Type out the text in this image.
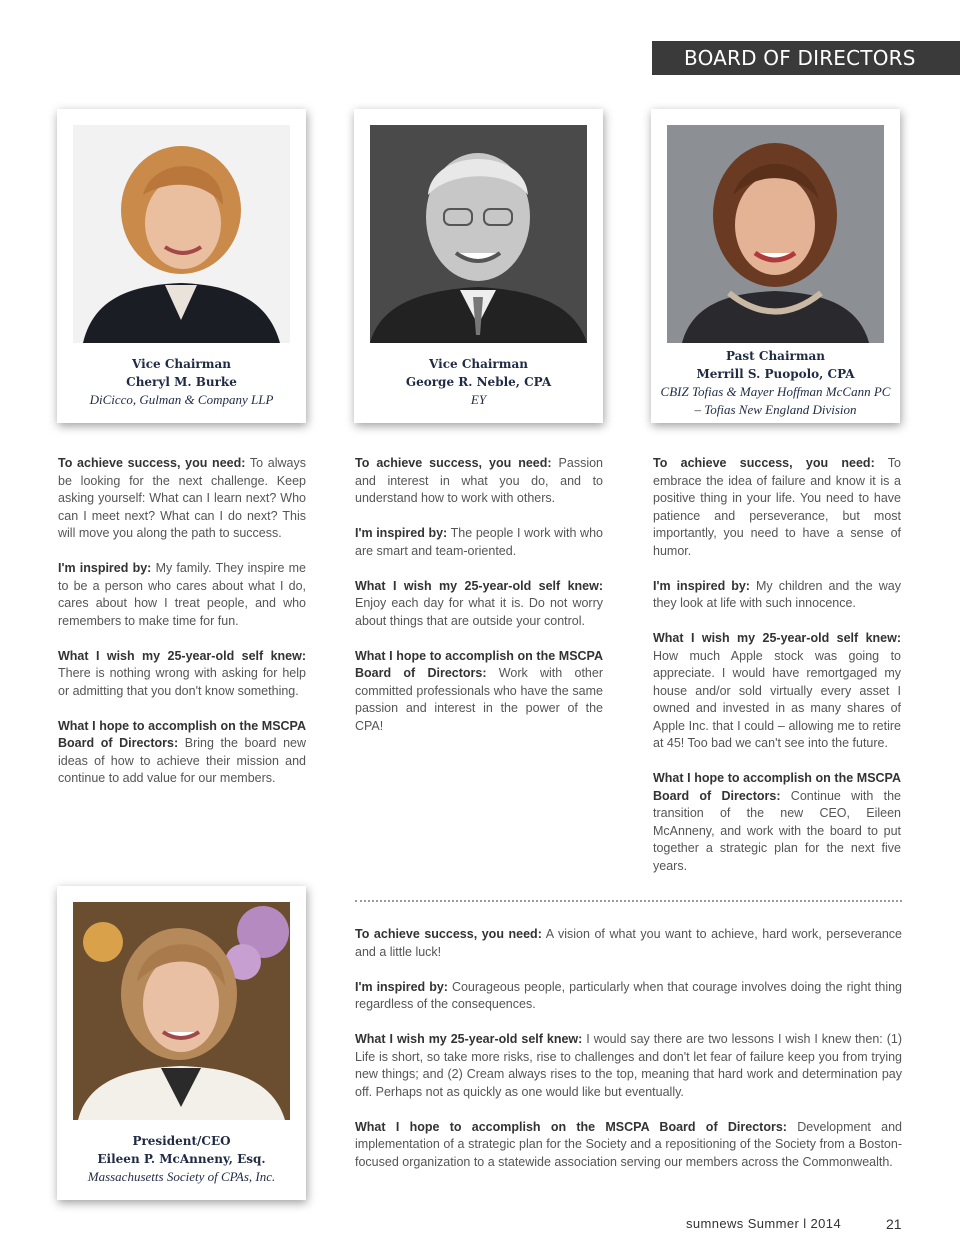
BOARD OF DIRECTORS
Vice Chairman
Cheryl M. Burke
DiCicco, Gulman & Company LLP
Vice Chairman
George R. Neble, CPA
EY
Past Chairman
Merrill S. Puopolo, CPA
CBIZ Tofias & Mayer Hoffman McCann PC
– Tofias New England Division
President/CEO
Eileen P. McAnneny, Esq.
Massachusetts Society of CPAs, Inc.

To achieve success, you need: To always be looking for the next challenge. Keep asking yourself: What can I learn next? Who can I meet next? What can I do next? This will move you along the path to success.

I'm inspired by: My family. They inspire me to be a person who cares about what I do, cares about how I treat people, and who remembers to make time for fun.

What I wish my 25-year-old self knew: There is nothing wrong with asking for help or admitting that you don't know something.

What I hope to accomplish on the MSCPA Board of Directors: Bring the board new ideas of how to achieve their mission and continue to add value for our members.

To achieve success, you need: Passion and interest in what you do, and to understand how to work with others.

I'm inspired by: The people I work with who are smart and team-oriented.

What I wish my 25-year-old self knew: Enjoy each day for what it is. Do not worry about things that are outside your control.

What I hope to accomplish on the MSCPA Board of Directors: Work with other committed professionals who have the same passion and interest in the power of the CPA!

To achieve success, you need: To embrace the idea of failure and know it is a positive thing in your life. You need to have patience and perseverance, but most importantly, you need to have a sense of humor.

I'm inspired by: My children and the way they look at life with such innocence.

What I wish my 25-year-old self knew: How much Apple stock was going to appreciate. I would have remortgaged my house and/or sold virtually every asset I owned and invested in as many shares of Apple Inc. that I could – allowing me to retire at 45! Too bad we can't see into the future.

What I hope to accomplish on the MSCPA Board of Directors: Continue with the transition of the new CEO, Eileen McAnneny, and work with the board to put together a strategic plan for the next five years.

To achieve success, you need: A vision of what you want to achieve, hard work, perseverance and a little luck!

I'm inspired by: Courageous people, particularly when that courage involves doing the right thing regardless of the consequences.

What I wish my 25-year-old self knew: I would say there are two lessons I wish I knew then: (1) Life is short, so take more risks, rise to challenges and don't let fear of failure keep you from trying new things; and (2) Cream always rises to the top, meaning that hard work and determination pay off. Perhaps not as quickly as one would like but eventually.

What I hope to accomplish on the MSCPA Board of Directors: Development and implementation of a strategic plan for the Society and a repositioning of the Society from a Boston-focused organization to a statewide association serving our members across the Commonwealth.

sumnews Summer l 2014	21
